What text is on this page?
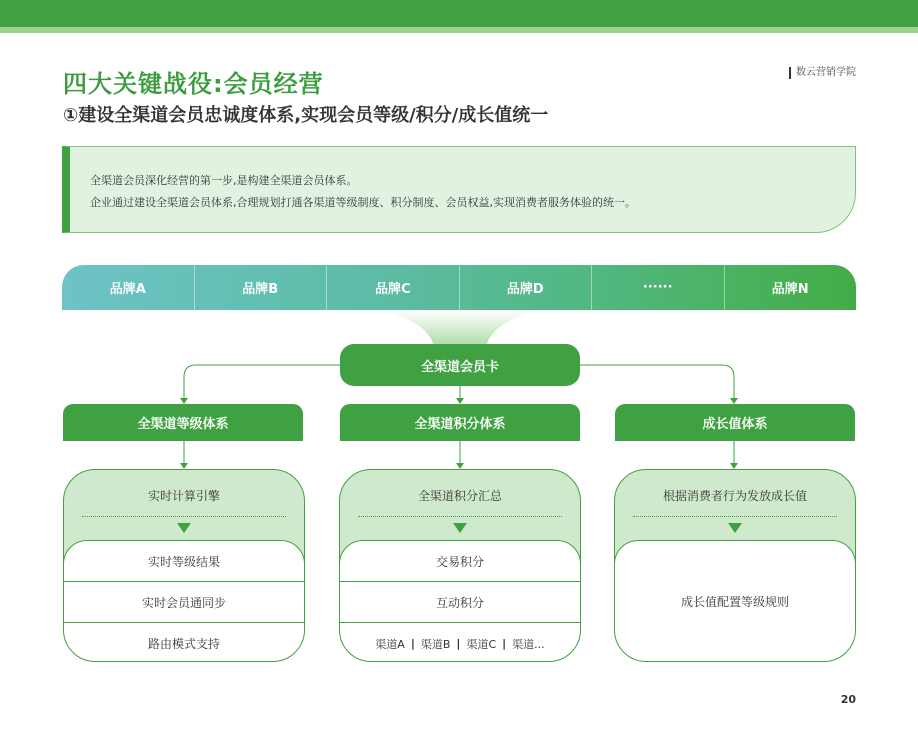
四大关键战役:会员经营
①建设全渠道会员忠诚度体系,实现会员等级/积分/成长值统一
数云营销学院

全渠道会员深化经营的第一步,是构建全渠道会员体系。

企业通过建设全渠道会员体系,合理规划打通各渠道等级制度、积分制度、会员权益,实现消费者服务体验的统一。

品牌A	品牌B	品牌C	品牌D	······	品牌N
全渠道会员卡
全渠道等级体系	全渠道积分体系	成长值体系
实时计算引擎
实时等级结果
实时会员通同步
路由模式支持
全渠道积分汇总
交易积分
互动积分
渠道A | 渠道B | 渠道C | 渠道...
根据消费者行为发放成长值
成长值配置等级规则
20
